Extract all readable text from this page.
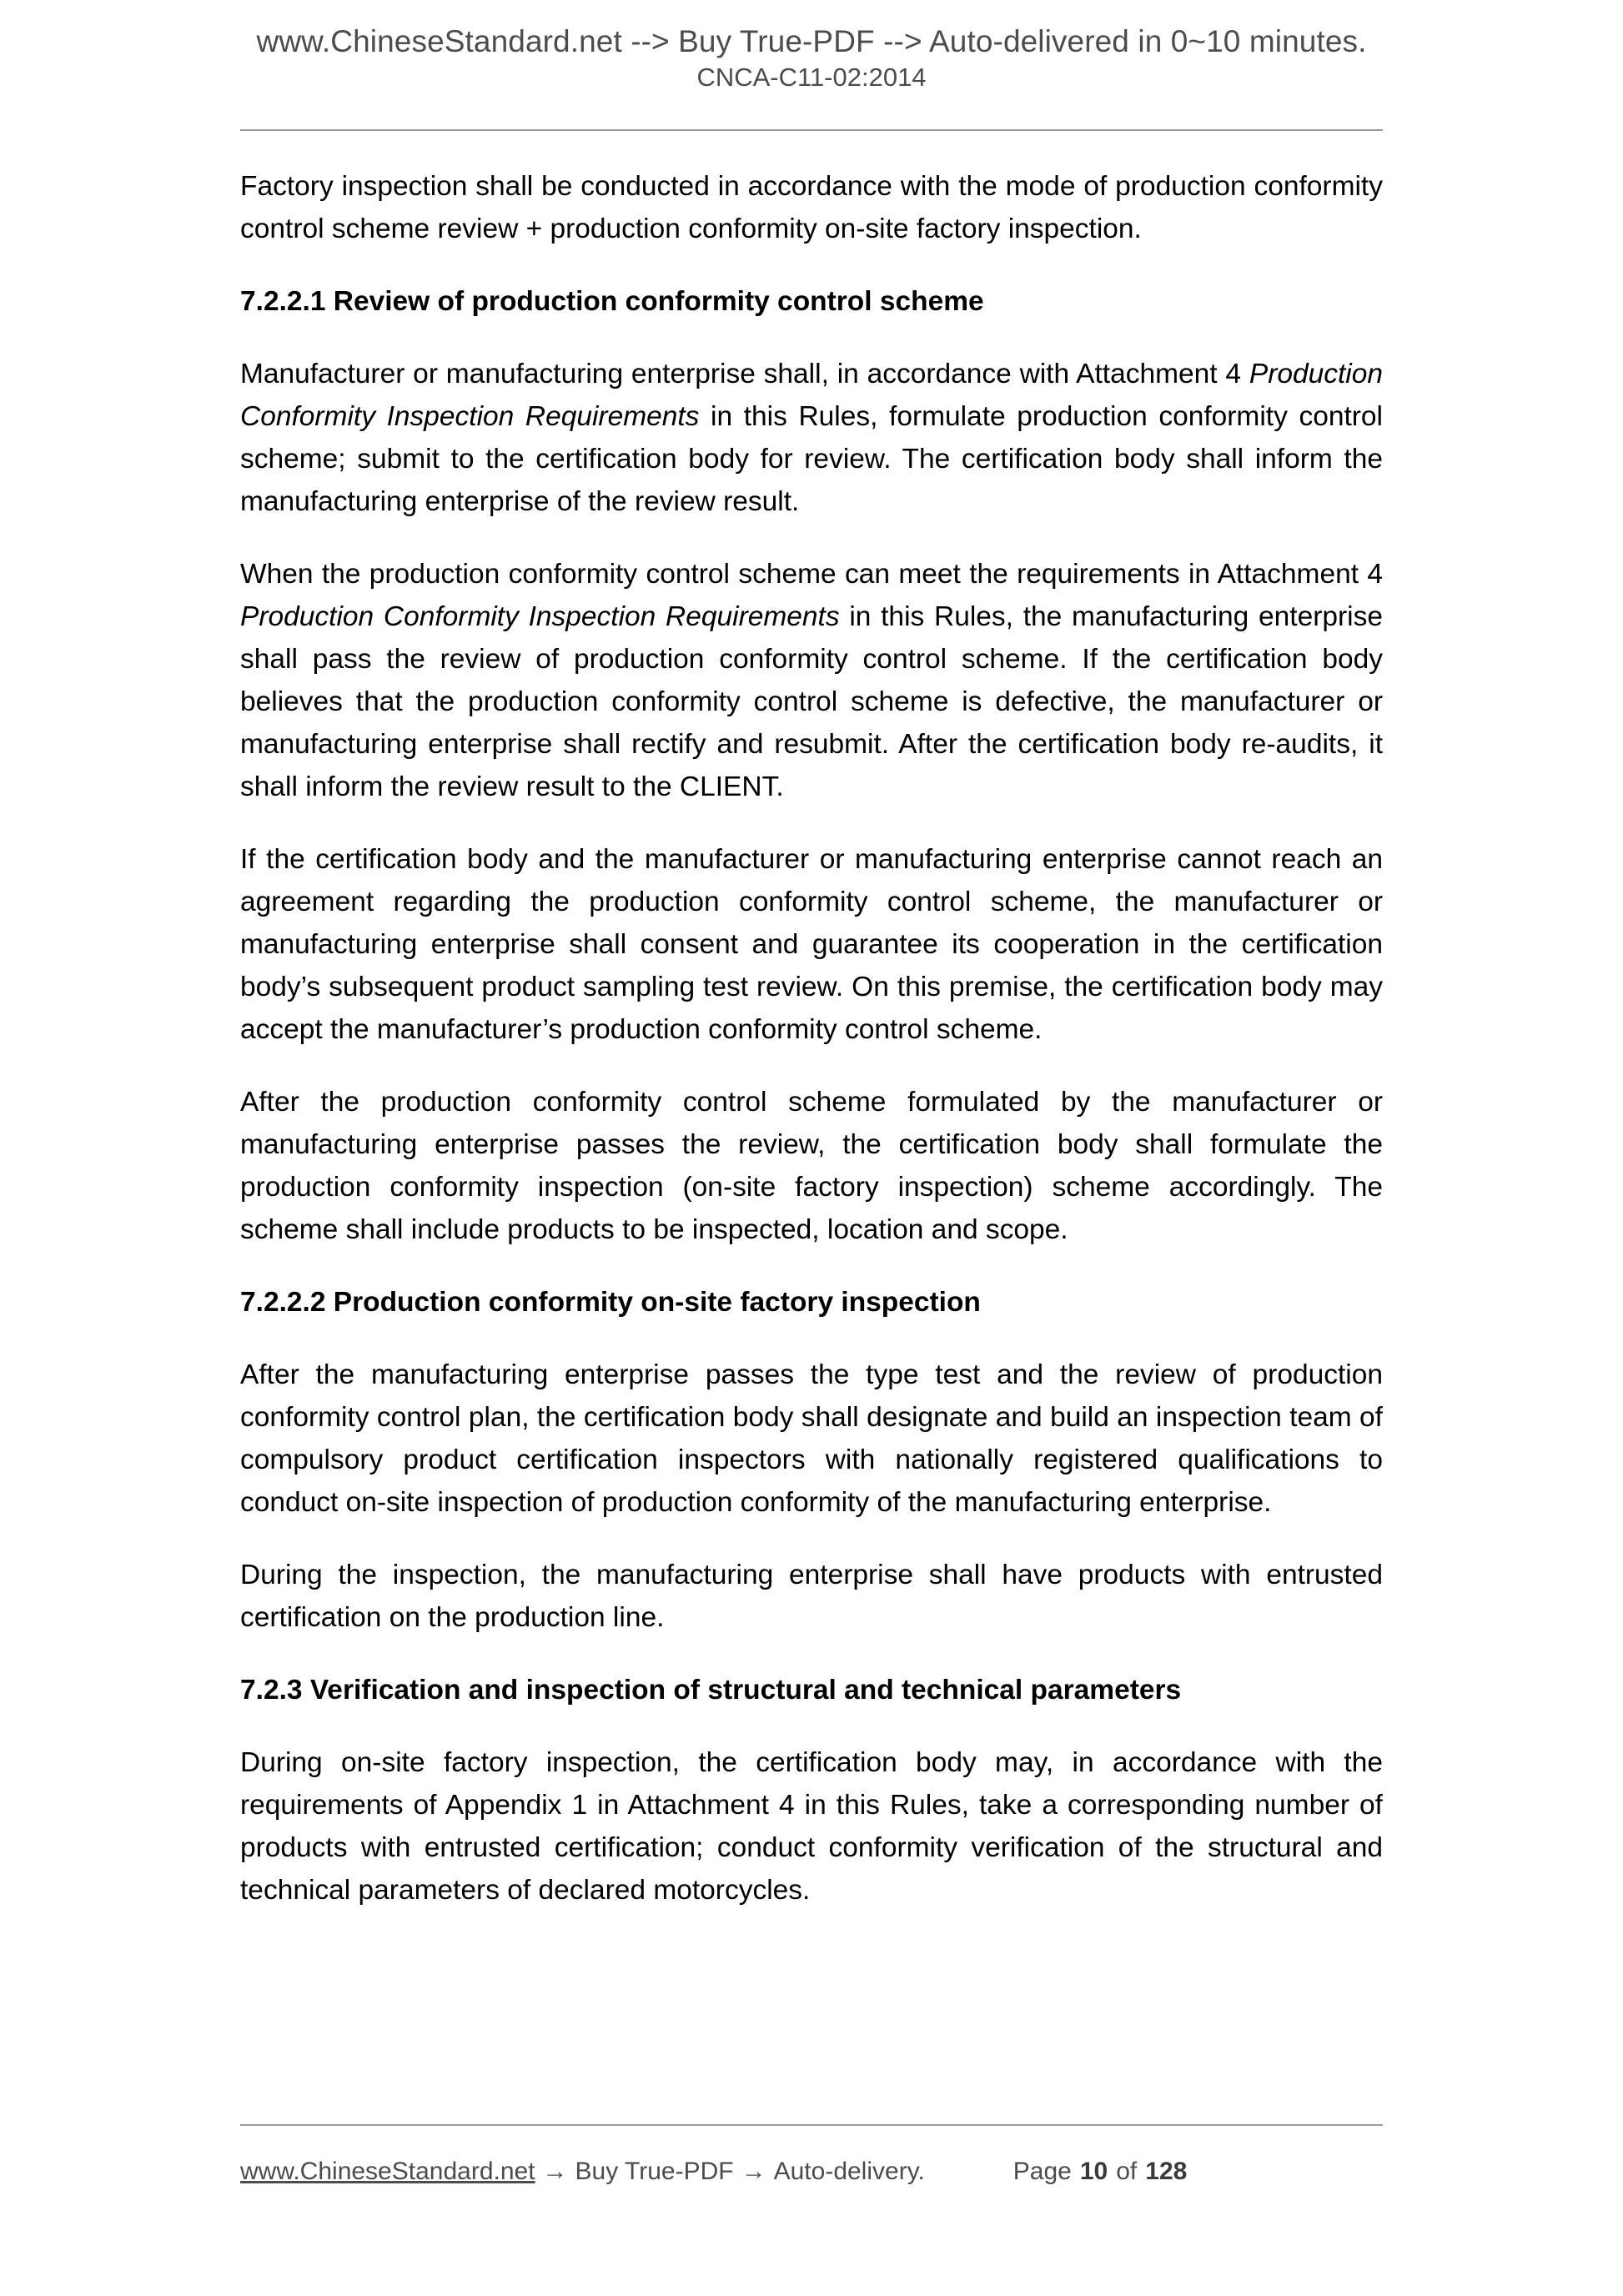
www.ChineseStandard.net --> Buy True-PDF --> Auto-delivered in 0~10 minutes.
CNCA-C11-02:2014

Factory inspection shall be conducted in accordance with the mode of production conformity control scheme review + production conformity on-site factory inspection.

7.2.2.1 Review of production conformity control scheme

Manufacturer or manufacturing enterprise shall, in accordance with Attachment 4 Production Conformity Inspection Requirements in this Rules, formulate production conformity control scheme; submit to the certification body for review. The certification body shall inform the manufacturing enterprise of the review result.

When the production conformity control scheme can meet the requirements in Attachment 4 Production Conformity Inspection Requirements in this Rules, the manufacturing enterprise shall pass the review of production conformity control scheme. If the certification body believes that the production conformity control scheme is defective, the manufacturer or manufacturing enterprise shall rectify and resubmit. After the certification body re-audits, it shall inform the review result to the CLIENT.

If the certification body and the manufacturer or manufacturing enterprise cannot reach an agreement regarding the production conformity control scheme, the manufacturer or manufacturing enterprise shall consent and guarantee its cooperation in the certification body’s subsequent product sampling test review. On this premise, the certification body may accept the manufacturer’s production conformity control scheme.

After the production conformity control scheme formulated by the manufacturer or manufacturing enterprise passes the review, the certification body shall formulate the production conformity inspection (on-site factory inspection) scheme accordingly. The scheme shall include products to be inspected, location and scope.

7.2.2.2 Production conformity on-site factory inspection

After the manufacturing enterprise passes the type test and the review of production conformity control plan, the certification body shall designate and build an inspection team of compulsory product certification inspectors with nationally registered qualifications to conduct on-site inspection of production conformity of the manufacturing enterprise.

During the inspection, the manufacturing enterprise shall have products with entrusted certification on the production line.

7.2.3 Verification and inspection of structural and technical parameters

During on-site factory inspection, the certification body may, in accordance with the requirements of Appendix 1 in Attachment 4 in this Rules, take a corresponding number of products with entrusted certification; conduct conformity verification of the structural and technical parameters of declared motorcycles.

www.ChineseStandard.net → Buy True-PDF → Auto-delivery.	Page 10 of 128
